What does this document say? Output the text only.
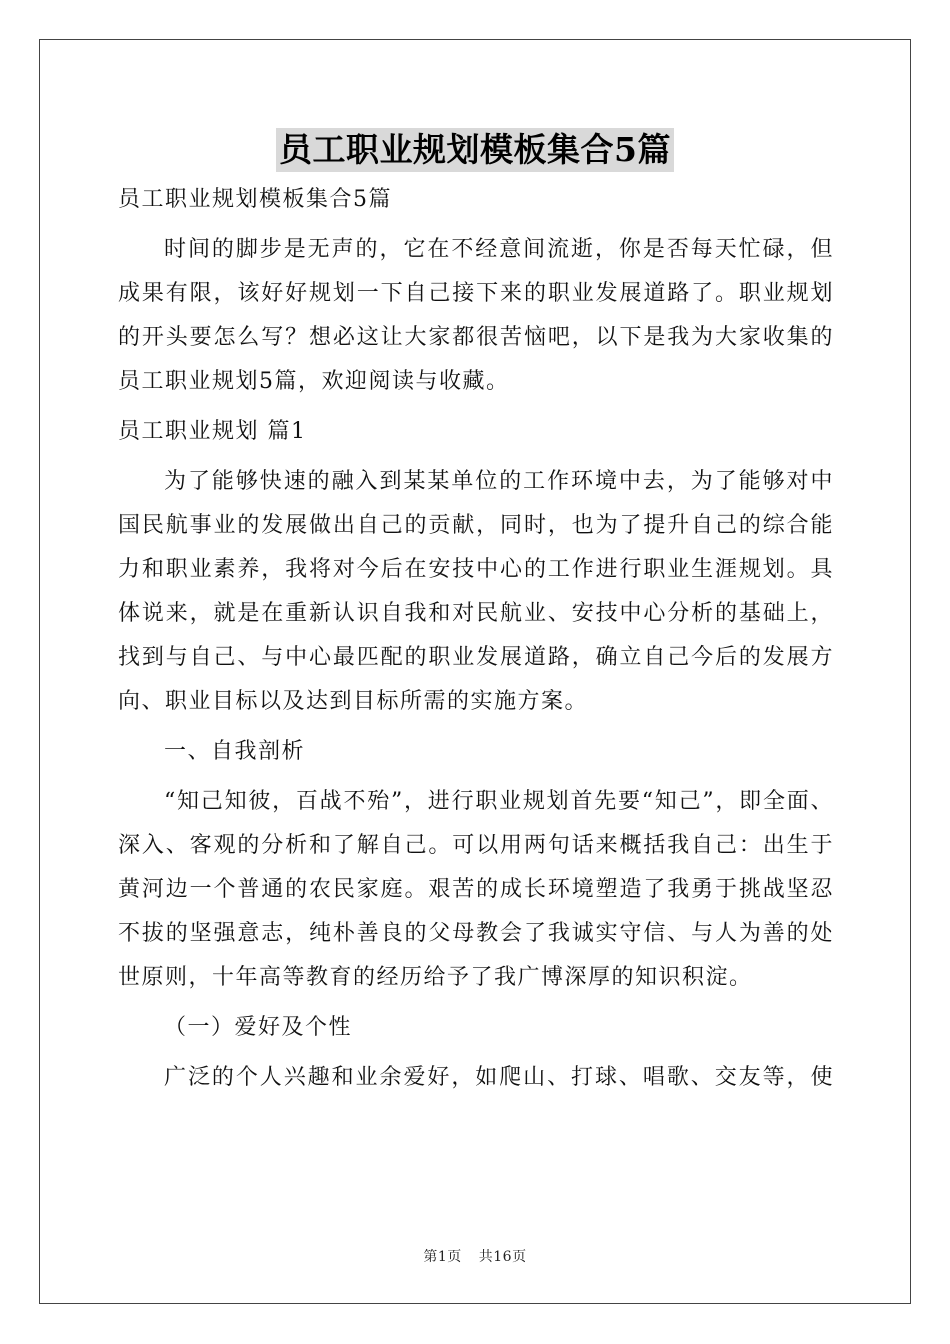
员工职业规划模板集合5篇

员工职业规划模板集合5篇

时间的脚步是无声的，它在不经意间流逝，你是否每天忙碌，但成果有限，该好好规划一下自己接下来的职业发展道路了。职业规划的开头要怎么写？想必这让大家都很苦恼吧，以下是我为大家收集的员工职业规划5篇，欢迎阅读与收藏。

员工职业规划 篇1

为了能够快速的融入到某某单位的工作环境中去，为了能够对中国民航事业的发展做出自己的贡献，同时，也为了提升自己的综合能力和职业素养，我将对今后在安技中心的工作进行职业生涯规划。具体说来，就是在重新认识自我和对民航业、安技中心分析的基础上，找到与自己、与中心最匹配的职业发展道路，确立自己今后的发展方向、职业目标以及达到目标所需的实施方案。

一、自我剖析

“知己知彼，百战不殆”，进行职业规划首先要“知己”，即全面、深入、客观的分析和了解自己。可以用两句话来概括我自己：出生于黄河边一个普通的农民家庭。艰苦的成长环境塑造了我勇于挑战坚忍不拔的坚强意志，纯朴善良的父母教会了我诚实守信、与人为善的处世原则，十年高等教育的经历给予了我广博深厚的知识积淀。

（一）爱好及个性

广泛的个人兴趣和业余爱好，如爬山、打球、唱歌、交友等，使

第1页 共16页
